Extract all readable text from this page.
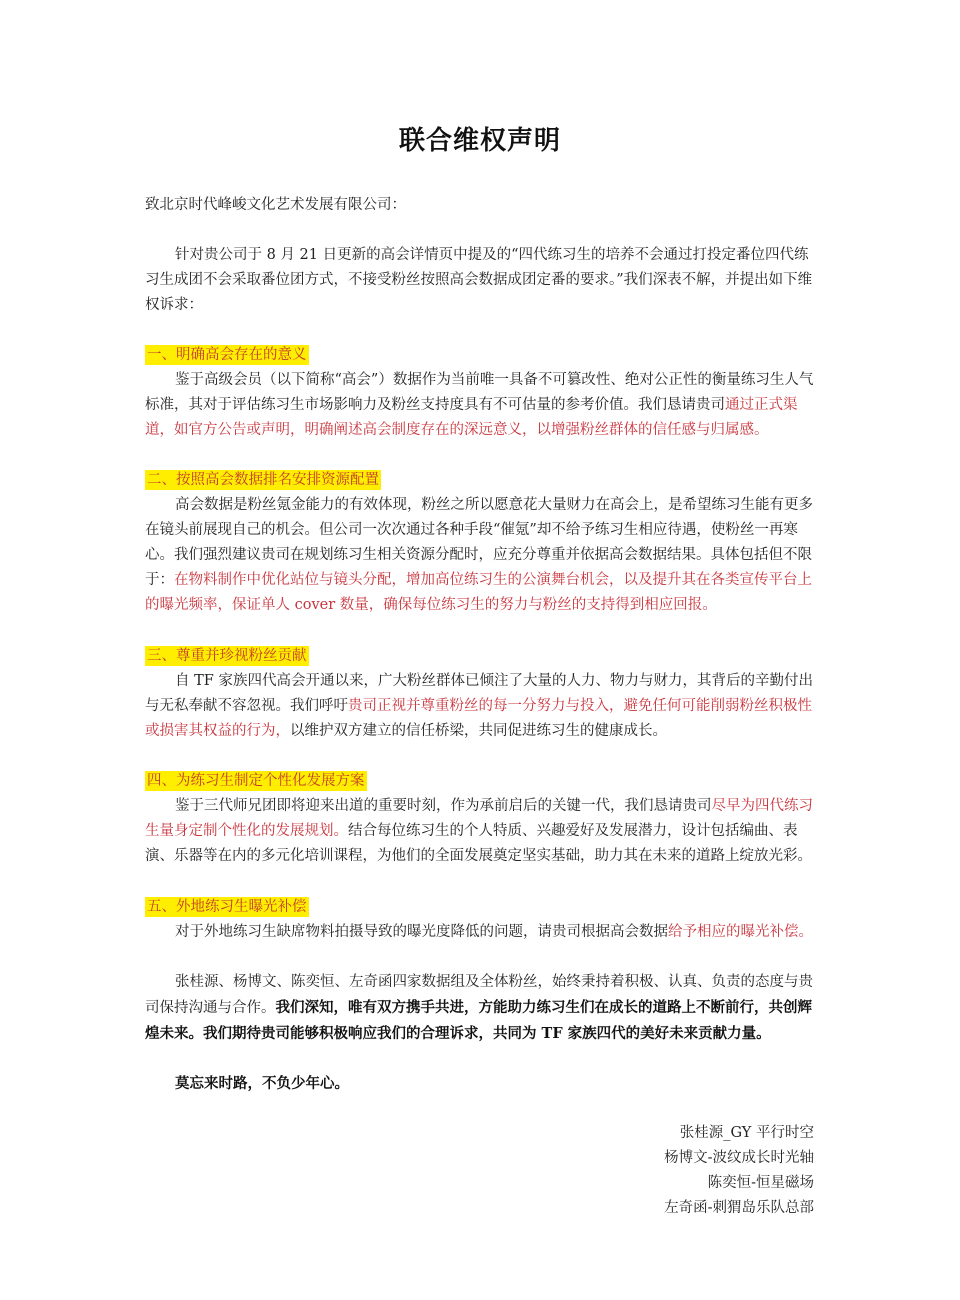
联合维权声明
致北京时代峰峻文化艺术发展有限公司：
针对贵公司于 8 月 21 日更新的高会详情页中提及的“四代练习生的培养不会通过打投定番位四代练习生成团不会采取番位团方式，不接受粉丝按照高会数据成团定番的要求。”我们深表不解，并提出如下维权诉求：
一、明确高会存在的意义
鉴于高级会员（以下简称“高会”）数据作为当前唯一具备不可篡改性、绝对公正性的衡量练习生人气标准，其对于评估练习生市场影响力及粉丝支持度具有不可估量的参考价值。我们恳请贵司通过正式渠道，如官方公告或声明，明确阐述高会制度存在的深远意义，以增强粉丝群体的信任感与归属感。
二、按照高会数据排名安排资源配置
高会数据是粉丝氪金能力的有效体现，粉丝之所以愿意花大量财力在高会上，是希望练习生能有更多在镜头前展现自己的机会。但公司一次次通过各种手段“催氪”却不给予练习生相应待遇，使粉丝一再寒心。我们强烈建议贵司在规划练习生相关资源分配时，应充分尊重并依据高会数据结果。具体包括但不限于：在物料制作中优化站位与镜头分配，增加高位练习生的公演舞台机会，以及提升其在各类宣传平台上的曝光频率，保证单人 cover 数量，确保每位练习生的努力与粉丝的支持得到相应回报。
三、尊重并珍视粉丝贡献
自 TF 家族四代高会开通以来，广大粉丝群体已倾注了大量的人力、物力与财力，其背后的辛勤付出与无私奉献不容忽视。我们呼吁贵司正视并尊重粉丝的每一分努力与投入，避免任何可能削弱粉丝积极性或损害其权益的行为，以维护双方建立的信任桥梁，共同促进练习生的健康成长。
四、为练习生制定个性化发展方案
鉴于三代师兄团即将迎来出道的重要时刻，作为承前启后的关键一代，我们恳请贵司尽早为四代练习生量身定制个性化的发展规划。结合每位练习生的个人特质、兴趣爱好及发展潜力，设计包括编曲、表演、乐器等在内的多元化培训课程，为他们的全面发展奠定坚实基础，助力其在未来的道路上绽放光彩。
五、外地练习生曝光补偿
对于外地练习生缺席物料拍摄导致的曝光度降低的问题，请贵司根据高会数据给予相应的曝光补偿。
张桂源、杨博文、陈奕恒、左奇函四家数据组及全体粉丝，始终秉持着积极、认真、负责的态度与贵司保持沟通与合作。我们深知，唯有双方携手共进，方能助力练习生们在成长的道路上不断前行，共创辉煌未来。我们期待贵司能够积极响应我们的合理诉求，共同为 TF 家族四代的美好未来贡献力量。
莫忘来时路，不负少年心。
张桂源_GY 平行时空
杨博文-波纹成长时光轴
陈奕恒-恒星磁场
左奇函-刺猬岛乐队总部
